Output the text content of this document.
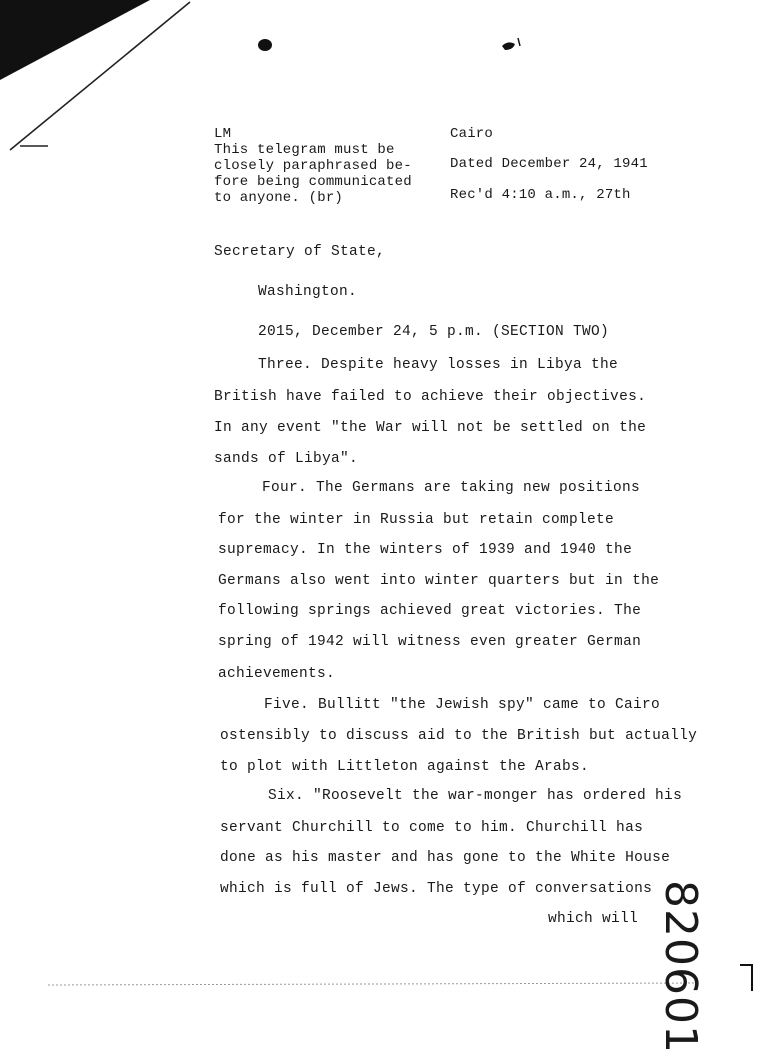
LM
This telegram must be
closely paraphrased be-
fore being communicated
to anyone. (br)
Cairo
Dated December 24, 1941
Rec'd 4:10 a.m., 27th
Secretary of State,
Washington.
2015, December 24, 5 p.m. (SECTION TWO)
Three. Despite heavy losses in Libya the
British have failed to achieve their objectives.
In any event "the War will not be settled on the
sands of Libya".
Four. The Germans are taking new positions
for the winter in Russia but retain complete
supremacy. In the winters of 1939 and 1940 the
Germans also went into winter quarters but in the
following springs achieved great victories. The
spring of 1942 will witness even greater German
achievements.
Five. Bullitt "the Jewish spy" came to Cairo
ostensibly to discuss aid to the British but actually
to plot with Littleton against the Arabs.
Six. "Roosevelt the war-monger has ordered his
servant Churchill to come to him. Churchill has
done as his master and has gone to the White House
which is full of Jews. The type of conversations
which will 820601
